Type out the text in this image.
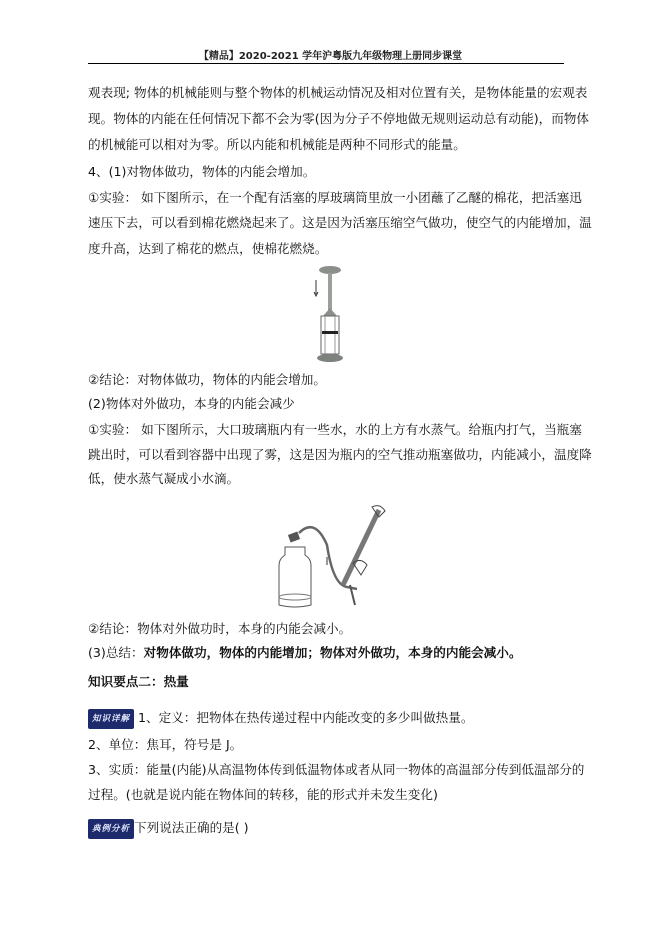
【精品】2020-2021 学年沪粤版九年级物理上册同步课堂
观表现; 物体的机械能则与整个物体的机械运动情况及相对位置有关，是物体能量的宏观表
现。物体的内能在任何情况下都不会为零(因为分子不停地做无规则运动总有动能)，而物体
的机械能可以相对为零。所以内能和机械能是两种不同形式的能量。
4、(1)对物体做功，物体的内能会增加。
①实验： 如下图所示，在一个配有活塞的厚玻璃筒里放一小团蘸了乙醚的棉花，把活塞迅
速压下去，可以看到棉花燃烧起来了。这是因为活塞压缩空气做功，使空气的内能增加，温
度升高，达到了棉花的燃点，使棉花燃烧。
②结论：对物体做功，物体的内能会增加。
(2)物体对外做功，本身的内能会减少
①实验： 如下图所示，大口玻璃瓶内有一些水，水的上方有水蒸气。给瓶内打气，当瓶塞
跳出时，可以看到容器中出现了雾，这是因为瓶内的空气推动瓶塞做功，内能减小，温度降
低，使水蒸气凝成小水滴。
②结论：物体对外做功时，本身的内能会减小。
(3)总结：对物体做功，物体的内能增加；物体对外做功，本身的内能会减小。
知识要点二：热量
知识详解 1、定义：把物体在热传递过程中内能改变的多少叫做热量。
2、单位：焦耳，符号是 J。
3、实质：能量(内能)从高温物体传到低温物体或者从同一物体的高温部分传到低温部分的
过程。(也就是说内能在物体间的转移，能的形式并未发生变化)
典例分析 下列说法正确的是( )
